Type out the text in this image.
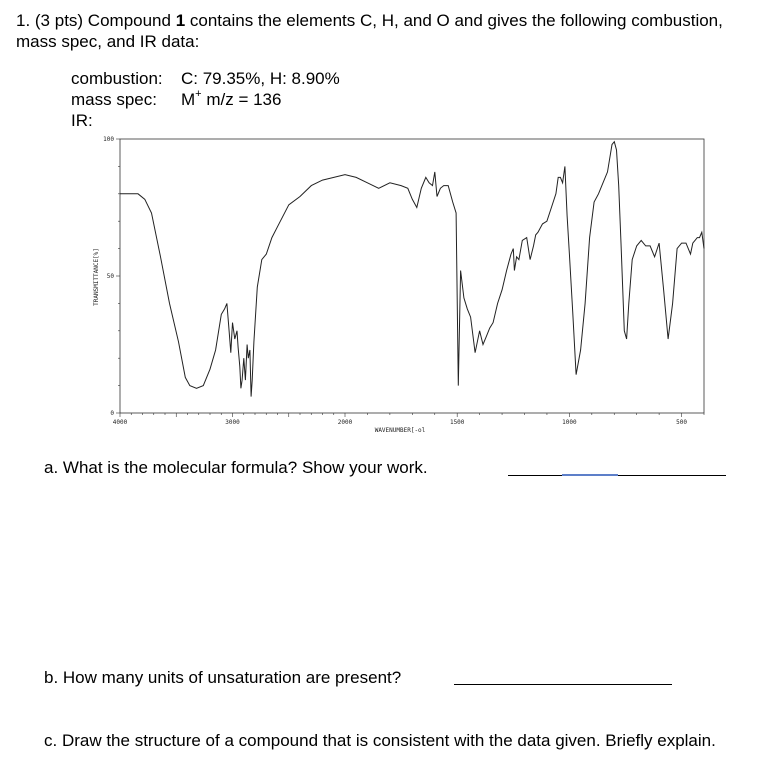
1. (3 pts) Compound 1 contains the elements C, H, and O and gives the following combustion,
mass spec, and IR data:
combustion:	C: 79.35%, H: 8.90%
mass spec:	M+ m/z = 136
IR:
4000	3000	2000	1500	1000	500
0
50
100
WAVENUMBER[-ol
TRANSMITTANCE[%]
a. What is the molecular formula? Show your work.
b. How many units of unsaturation are present?
c. Draw the structure of a compound that is consistent with the data given. Briefly explain.
